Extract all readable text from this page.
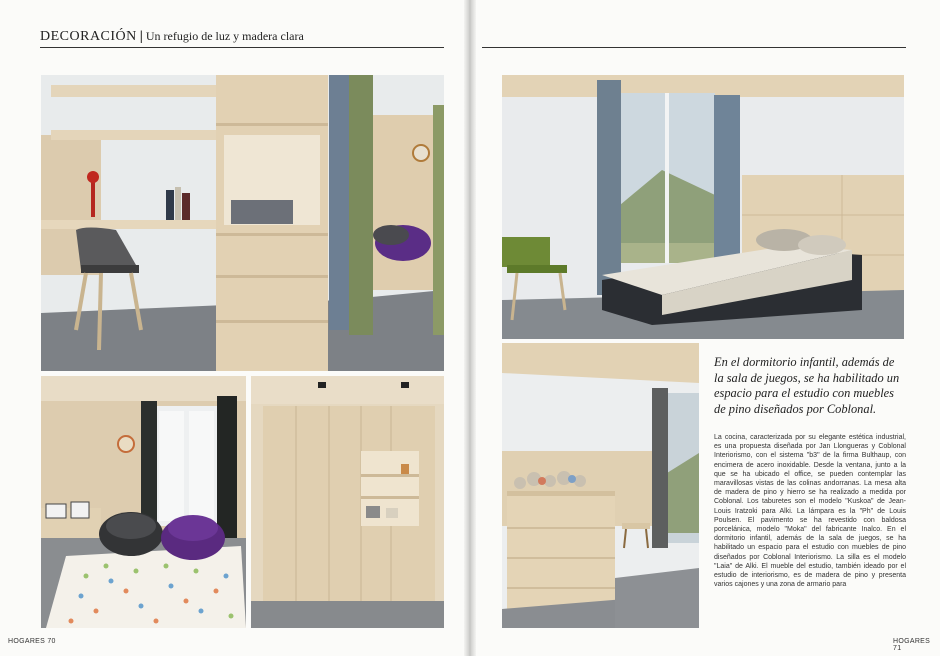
DECORACIÓN | Un refugio de luz y madera clara
En el dormitorio infantil, además de la sala de juegos, se ha habilitado un espacio para el estudio con muebles de pino diseñados por Coblonal.
La cocina, caracterizada por su elegante estética industrial, es una propuesta diseñada por Jan Llongueras y Coblonal Interiorismo, con el sistema "b3" de la firma Bulthaup, con encimera de acero inoxidable. Desde la ventana, junto a la que se ha ubicado el office, se pueden contemplar las maravillosas vistas de las colinas andorranas. La mesa alta de madera de pino y hierro se ha realizado a medida por Coblonal. Los taburetes son el modelo "Kuskoa" de Jean-Louis Iratzoki para Alki. La lámpara es la "Ph" de Louis Poulsen. El pavimento se ha revestido con baldosa porcelánica, modelo "Moka" del fabricante Inalco. En el dormitorio infantil, además de la sala de juegos, se ha habilitado un espacio para el estudio con muebles de pino diseñados por Coblonal Interiorismo. La silla es el modelo "Laia" de Alki. El mueble del estudio, también ideado por el estudio de interiorismo, es de madera de pino y presenta varios cajones y una zona de armario para
HOGARES 70	HOGARES 71
